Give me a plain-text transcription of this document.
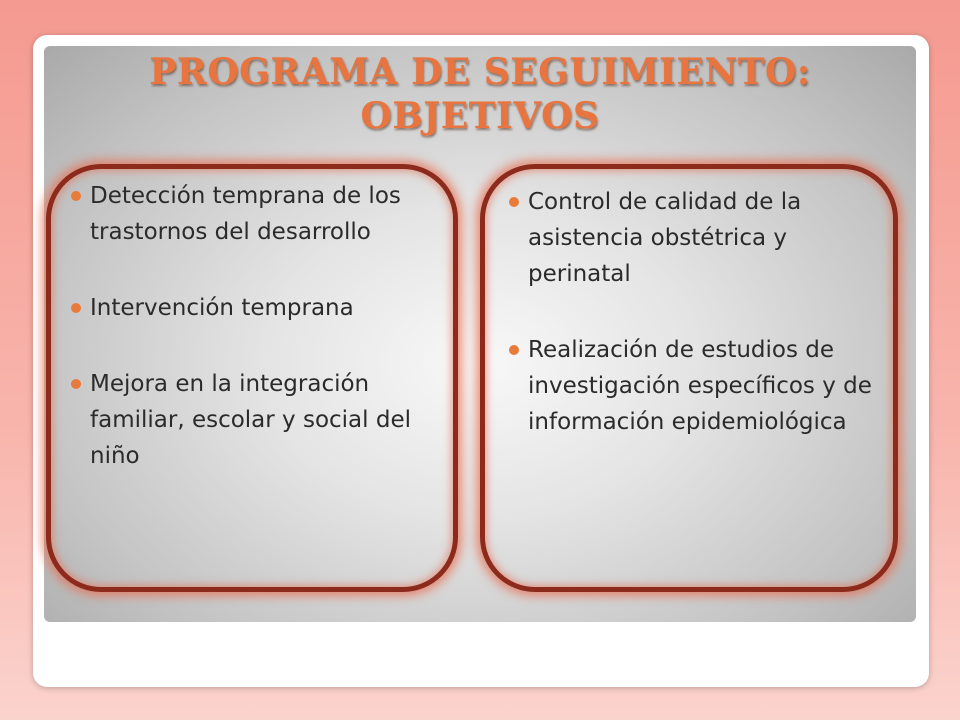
PROGRAMA DE SEGUIMIENTO:
OBJETIVOS
Detección temprana de los trastornos del desarrollo
Intervención temprana
Mejora en la integración familiar, escolar y social del niño
Control de calidad de la asistencia obstétrica y perinatal
Realización de estudios de investigación específicos y de información epidemiológica
